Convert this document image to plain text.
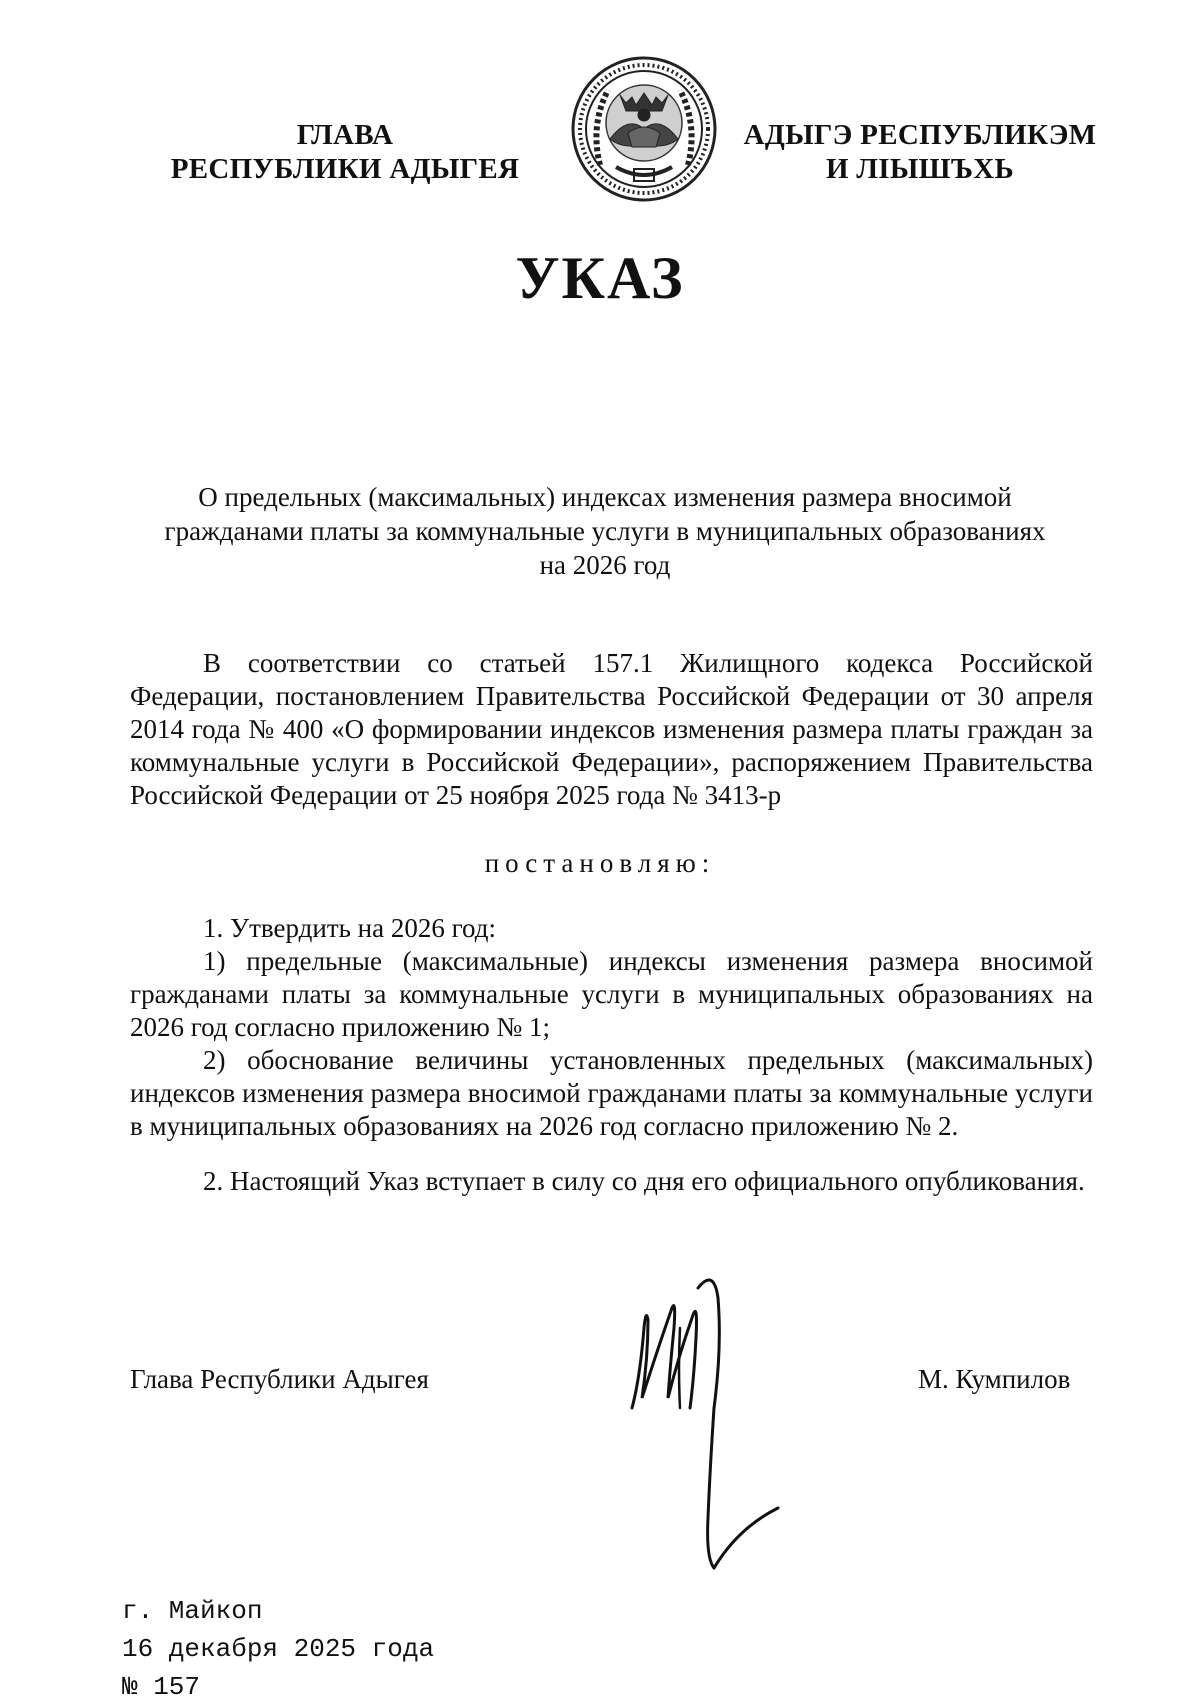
ГЛАВА
РЕСПУБЛИКИ АДЫГЕЯ
АДЫГЭ РЕСПУБЛИКЭМ
И ЛІЫШЪХЬ
УКАЗ
О предельных (максимальных) индексах изменения размера вносимой
гражданами платы за коммунальные услуги в муниципальных образованиях
на 2026 год
В соответствии со статьей 157.1 Жилищного кодекса Российской Федерации, постановлением Правительства Российской Федерации от 30 апреля 2014 года № 400 «О формировании индексов изменения размера платы граждан за коммунальные услуги в Российской Федерации», распоряжением Правительства Российской Федерации от 25 ноября 2025 года № 3413-р
постановляю:

1. Утвердить на 2026 год:

1) предельные (максимальные) индексы изменения размера вносимой гражданами платы за коммунальные услуги в муниципальных образованиях на 2026 год согласно приложению № 1;

2) обоснование величины установленных предельных (максимальных) индексов изменения размера вносимой гражданами платы за коммунальные услуги в муниципальных образованиях на 2026 год согласно приложению № 2.

2. Настоящий Указ вступает в силу со дня его официального опубликования.
Глава Республики Адыгея	М. Кумпилов
г. Майкоп
16 декабря 2025 года
№ 157
